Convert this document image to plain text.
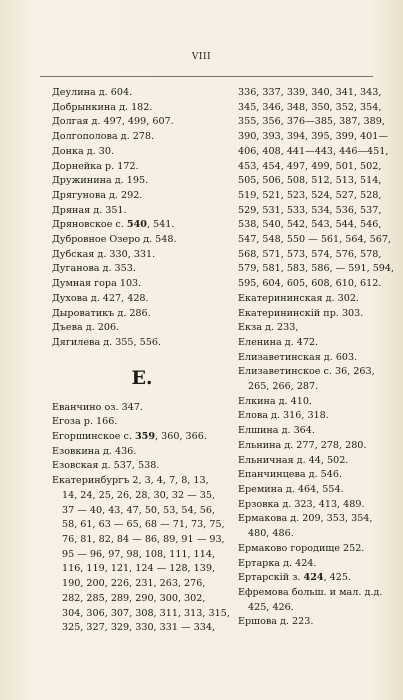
VIII
Деулина д. 604.
Добрынкина д. 182.
Долгая д. 497, 499, 607.
Долгополова д. 278.
Донка д. 30.
Дорнейка р. 172.
Дружинина д. 195.
Дрягунова д. 292.
Дряная д. 351.
Дряновское с. 540, 541.
Дубровное Озеро д. 548.
Дубская д. 330, 331.
Дуганова д. 353.
Думная гора 103.
Духова д. 427, 428.
Дыроватикъ д. 286.
Дъева д. 206.
Дягилева д. 355, 556.
Е.
Еванчино оз. 347.
Егоза р. 166.
Егоршинское с. 359, 360, 366.
Езовкина д. 436.
Езовская д. 537, 538.
Екатеринбургъ 2, 3, 4, 7, 8, 13,
14, 24, 25, 26, 28, 30, 32 — 35,
37 — 40, 43, 47, 50, 53, 54, 56,
58, 61, 63 — 65, 68 — 71, 73, 75,
76, 81, 82, 84 — 86, 89, 91 — 93,
95 — 96, 97, 98, 108, 111, 114,
116, 119, 121, 124 — 128, 139,
190, 200, 226, 231, 263, 276,
282, 285, 289, 290, 300, 302,
304, 306, 307, 308, 311, 313, 315,
325, 327, 329, 330, 331 — 334,
336, 337, 339, 340, 341, 343,
345, 346, 348, 350, 352, 354,
355, 356, 376—385, 387, 389,
390, 393, 394, 395, 399, 401—
406, 408, 441—443, 446—451,
453, 454, 497, 499, 501, 502,
505, 506, 508, 512, 513, 514,
519, 521, 523, 524, 527, 528,
529, 531, 533, 534, 536, 537,
538, 540, 542, 543, 544, 546,
547, 548, 550 — 561, 564, 567,
568, 571, 573, 574, 576, 578,
579, 581, 583, 586, — 591, 594,
595, 604, 605, 608, 610, 612.
Екатерининская д. 302.
Екатерининскій пр. 303.
Екза д. 233,
Еленина д. 472.
Елизаветинская д. 603.
Елизаветинское с. 36, 263, 265, 266, 287.
Елкина д. 410.
Елова д. 316, 318.
Елшина д. 364.
Ельнина д. 277, 278, 280.
Ельничная д. 44, 502.
Епанчинцева д. 546.
Еремина д. 464, 554.
Ерзовка д. 323, 413, 489.
Ермакова д. 209, 353, 354, 480, 486.
Ермаково городище 252.
Ертарка д. 424.
Ертарскій з. 424, 425.
Ефремова больш. и мал. д.д. 425, 426.
Ершова д. 223.
